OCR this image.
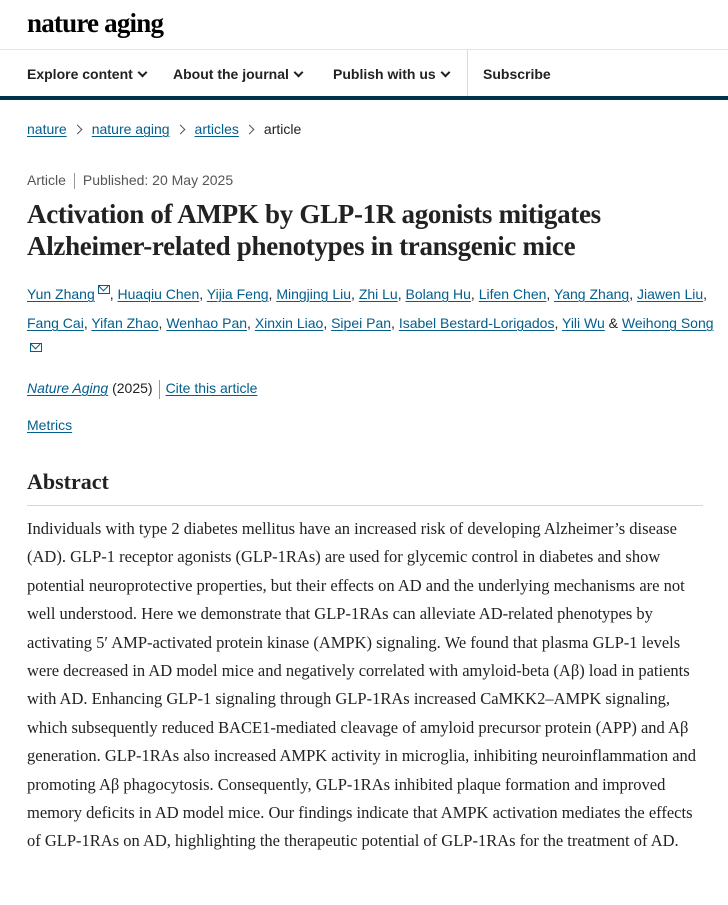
nature aging
Explore content	About the journal	Publish with us	Subscribe
nature nature aging articles article
Article Published: 20 May 2025
Activation of AMPK by GLP-1R agonists mitigates Alzheimer-related phenotypes in transgenic mice
Yun Zhang , Huaqiu Chen, Yijia Feng, Mingjing Liu, Zhi Lu, Bolang Hu, Lifen Chen, Yang Zhang, Jiawen Liu, Fang Cai, Yifan Zhao, Wenhao Pan, Xinxin Liao, Sipei Pan, Isabel Bestard-Lorigados, Yili Wu & Weihong Song
Nature Aging (2025) Cite this article
Metrics
Abstract

Individuals with type 2 diabetes mellitus have an increased risk of developing Alzheimer’s disease (AD). GLP-1 receptor agonists (GLP-1RAs) are used for glycemic control in diabetes and show potential neuroprotective properties, but their effects on AD and the underlying mechanisms are not well understood. Here we demonstrate that GLP-1RAs can alleviate AD-related phenotypes by activating 5′ AMP-activated protein kinase (AMPK) signaling. We found that plasma GLP-1 levels were decreased in AD model mice and negatively correlated with amyloid-beta (Aβ) load in patients with AD. Enhancing GLP-1 signaling through GLP-1RAs increased CaMKK2–AMPK signaling, which subsequently reduced BACE1-mediated cleavage of amyloid precursor protein (APP) and Aβ generation. GLP-1RAs also increased AMPK activity in microglia, inhibiting neuroinflammation and promoting Aβ phagocytosis. Consequently, GLP-1RAs inhibited plaque formation and improved memory deficits in AD model mice. Our findings indicate that AMPK activation mediates the effects of GLP-1RAs on AD, highlighting the therapeutic potential of GLP-1RAs for the treatment of AD.
